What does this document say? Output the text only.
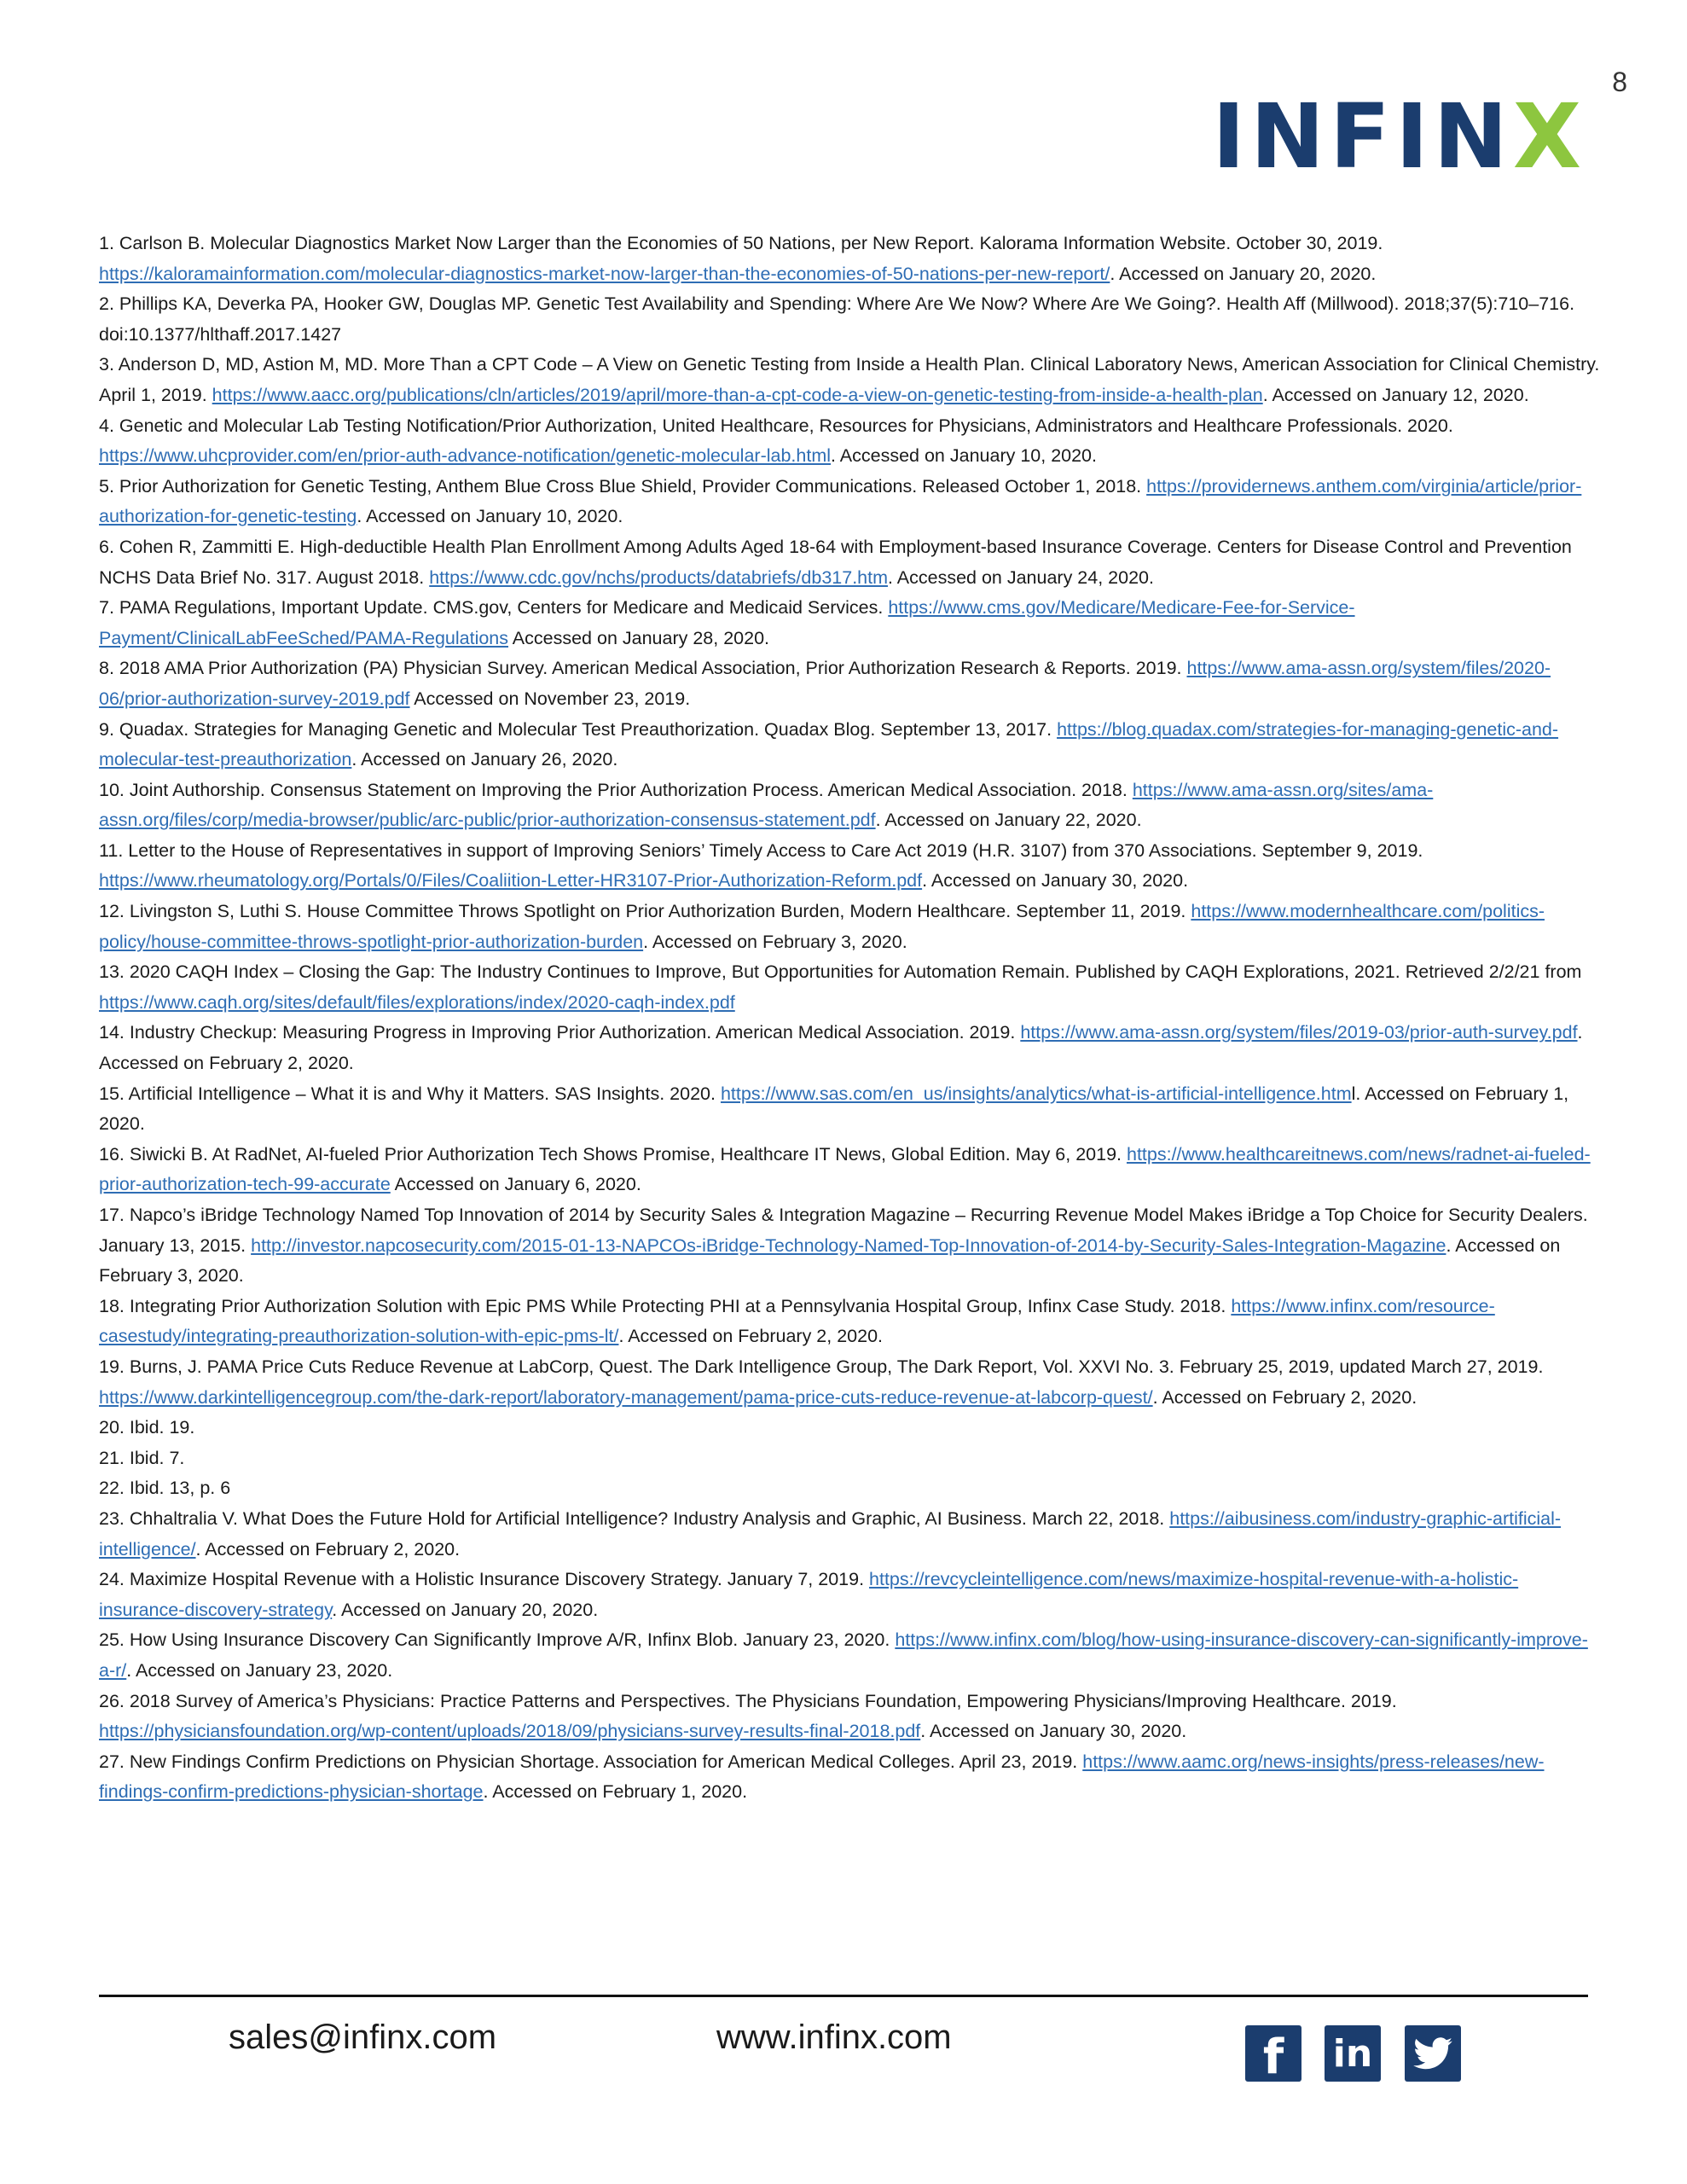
8
INFINX

1. Carlson B. Molecular Diagnostics Market Now Larger than the Economies of 50 Nations, per New Report. Kalorama Information Website. October 30, 2019. https://kaloramainformation.com/molecular-diagnostics-market-now-larger-than-the-economies-of-50-nations-per-new-report/. Accessed on January 20, 2020.

2. Phillips KA, Deverka PA, Hooker GW, Douglas MP. Genetic Test Availability and Spending: Where Are We Now? Where Are We Going?. Health Aff (Millwood). 2018;37(5):710–716. doi:10.1377/hlthaff.2017.1427

3. Anderson D, MD, Astion M, MD. More Than a CPT Code – A View on Genetic Testing from Inside a Health Plan. Clinical Laboratory News, American Association for Clinical Chemistry. April 1, 2019. https://www.aacc.org/publications/cln/articles/2019/april/more-than-a-cpt-code-a-view-on-genetic-testing-from-inside-a-health-plan. Accessed on January 12, 2020.

4. Genetic and Molecular Lab Testing Notification/Prior Authorization, United Healthcare, Resources for Physicians, Administrators and Healthcare Professionals. 2020. https://www.uhcprovider.com/en/prior-auth-advance-notification/genetic-molecular-lab.html. Accessed on January 10, 2020.

5. Prior Authorization for Genetic Testing, Anthem Blue Cross Blue Shield, Provider Communications. Released October 1, 2018. https://providernews.anthem.com/virginia/article/prior-authorization-for-genetic-testing. Accessed on January 10, 2020.

6. Cohen R, Zammitti E. High-deductible Health Plan Enrollment Among Adults Aged 18-64 with Employment-based Insurance Coverage. Centers for Disease Control and Prevention NCHS Data Brief No. 317. August 2018. https://www.cdc.gov/nchs/products/databriefs/db317.htm. Accessed on January 24, 2020.

7. PAMA Regulations, Important Update. CMS.gov, Centers for Medicare and Medicaid Services. https://www.cms.gov/Medicare/Medicare-Fee-for-Service-Payment/ClinicalLabFeeSched/PAMA-Regulations Accessed on January 28, 2020.

8. 2018 AMA Prior Authorization (PA) Physician Survey. American Medical Association, Prior Authorization Research & Reports. 2019. https://www.ama-assn.org/system/files/2020-06/prior-authorization-survey-2019.pdf Accessed on November 23, 2019.

9. Quadax. Strategies for Managing Genetic and Molecular Test Preauthorization. Quadax Blog. September 13, 2017. https://blog.quadax.com/strategies-for-managing-genetic-and-molecular-test-preauthorization. Accessed on January 26, 2020.

10. Joint Authorship. Consensus Statement on Improving the Prior Authorization Process. American Medical Association. 2018. https://www.ama-assn.org/sites/ama-assn.org/files/corp/media-browser/public/arc-public/prior-authorization-consensus-statement.pdf. Accessed on January 22, 2020.

11. Letter to the House of Representatives in support of Improving Seniors’ Timely Access to Care Act 2019 (H.R. 3107) from 370 Associations. September 9, 2019. https://www.rheumatology.org/Portals/0/Files/Coaliition-Letter-HR3107-Prior-Authorization-Reform.pdf. Accessed on January 30, 2020.

12. Livingston S, Luthi S. House Committee Throws Spotlight on Prior Authorization Burden, Modern Healthcare. September 11, 2019. https://www.modernhealthcare.com/politics-policy/house-committee-throws-spotlight-prior-authorization-burden. Accessed on February 3, 2020.

13. 2020 CAQH Index – Closing the Gap: The Industry Continues to Improve, But Opportunities for Automation Remain. Published by CAQH Explorations, 2021. Retrieved 2/2/21 from https://www.caqh.org/sites/default/files/explorations/index/2020-caqh-index.pdf

14. Industry Checkup: Measuring Progress in Improving Prior Authorization. American Medical Association. 2019. https://www.ama-assn.org/system/files/2019-03/prior-auth-survey.pdf. Accessed on February 2, 2020.

15. Artificial Intelligence – What it is and Why it Matters. SAS Insights. 2020. https://www.sas.com/en_us/insights/analytics/what-is-artificial-intelligence.html. Accessed on February 1, 2020.

16. Siwicki B. At RadNet, AI-fueled Prior Authorization Tech Shows Promise, Healthcare IT News, Global Edition. May 6, 2019. https://www.healthcareitnews.com/news/radnet-ai-fueled-prior-authorization-tech-99-accurate Accessed on January 6, 2020.

17. Napco’s iBridge Technology Named Top Innovation of 2014 by Security Sales & Integration Magazine – Recurring Revenue Model Makes iBridge a Top Choice for Security Dealers. January 13, 2015. http://investor.napcosecurity.com/2015-01-13-NAPCOs-iBridge-Technology-Named-Top-Innovation-of-2014-by-Security-Sales-Integration-Magazine. Accessed on February 3, 2020.

18. Integrating Prior Authorization Solution with Epic PMS While Protecting PHI at a Pennsylvania Hospital Group, Infinx Case Study. 2018. https://www.infinx.com/resource-casestudy/integrating-preauthorization-solution-with-epic-pms-lt/. Accessed on February 2, 2020.

19. Burns, J. PAMA Price Cuts Reduce Revenue at LabCorp, Quest. The Dark Intelligence Group, The Dark Report, Vol. XXVI No. 3. February 25, 2019, updated March 27, 2019. https://www.darkintelligencegroup.com/the-dark-report/laboratory-management/pama-price-cuts-reduce-revenue-at-labcorp-quest/. Accessed on February 2, 2020.

20. Ibid. 19.

21. Ibid. 7.

22. Ibid. 13, p. 6

23. Chhaltralia V. What Does the Future Hold for Artificial Intelligence? Industry Analysis and Graphic, AI Business. March 22, 2018. https://aibusiness.com/industry-graphic-artificial-intelligence/. Accessed on February 2, 2020.

24. Maximize Hospital Revenue with a Holistic Insurance Discovery Strategy. January 7, 2019. https://revcycleintelligence.com/news/maximize-hospital-revenue-with-a-holistic-insurance-discovery-strategy. Accessed on January 20, 2020.

25. How Using Insurance Discovery Can Significantly Improve A/R, Infinx Blob. January 23, 2020. https://www.infinx.com/blog/how-using-insurance-discovery-can-significantly-improve-a-r/. Accessed on January 23, 2020.

26. 2018 Survey of America’s Physicians: Practice Patterns and Perspectives. The Physicians Foundation, Empowering Physicians/Improving Healthcare. 2019. https://physiciansfoundation.org/wp-content/uploads/2018/09/physicians-survey-results-final-2018.pdf. Accessed on January 30, 2020.

27. New Findings Confirm Predictions on Physician Shortage. Association for American Medical Colleges. April 23, 2019. https://www.aamc.org/news-insights/press-releases/new-findings-confirm-predictions-physician-shortage. Accessed on February 1, 2020.

sales@infinx.com	www.infinx.com	f in
